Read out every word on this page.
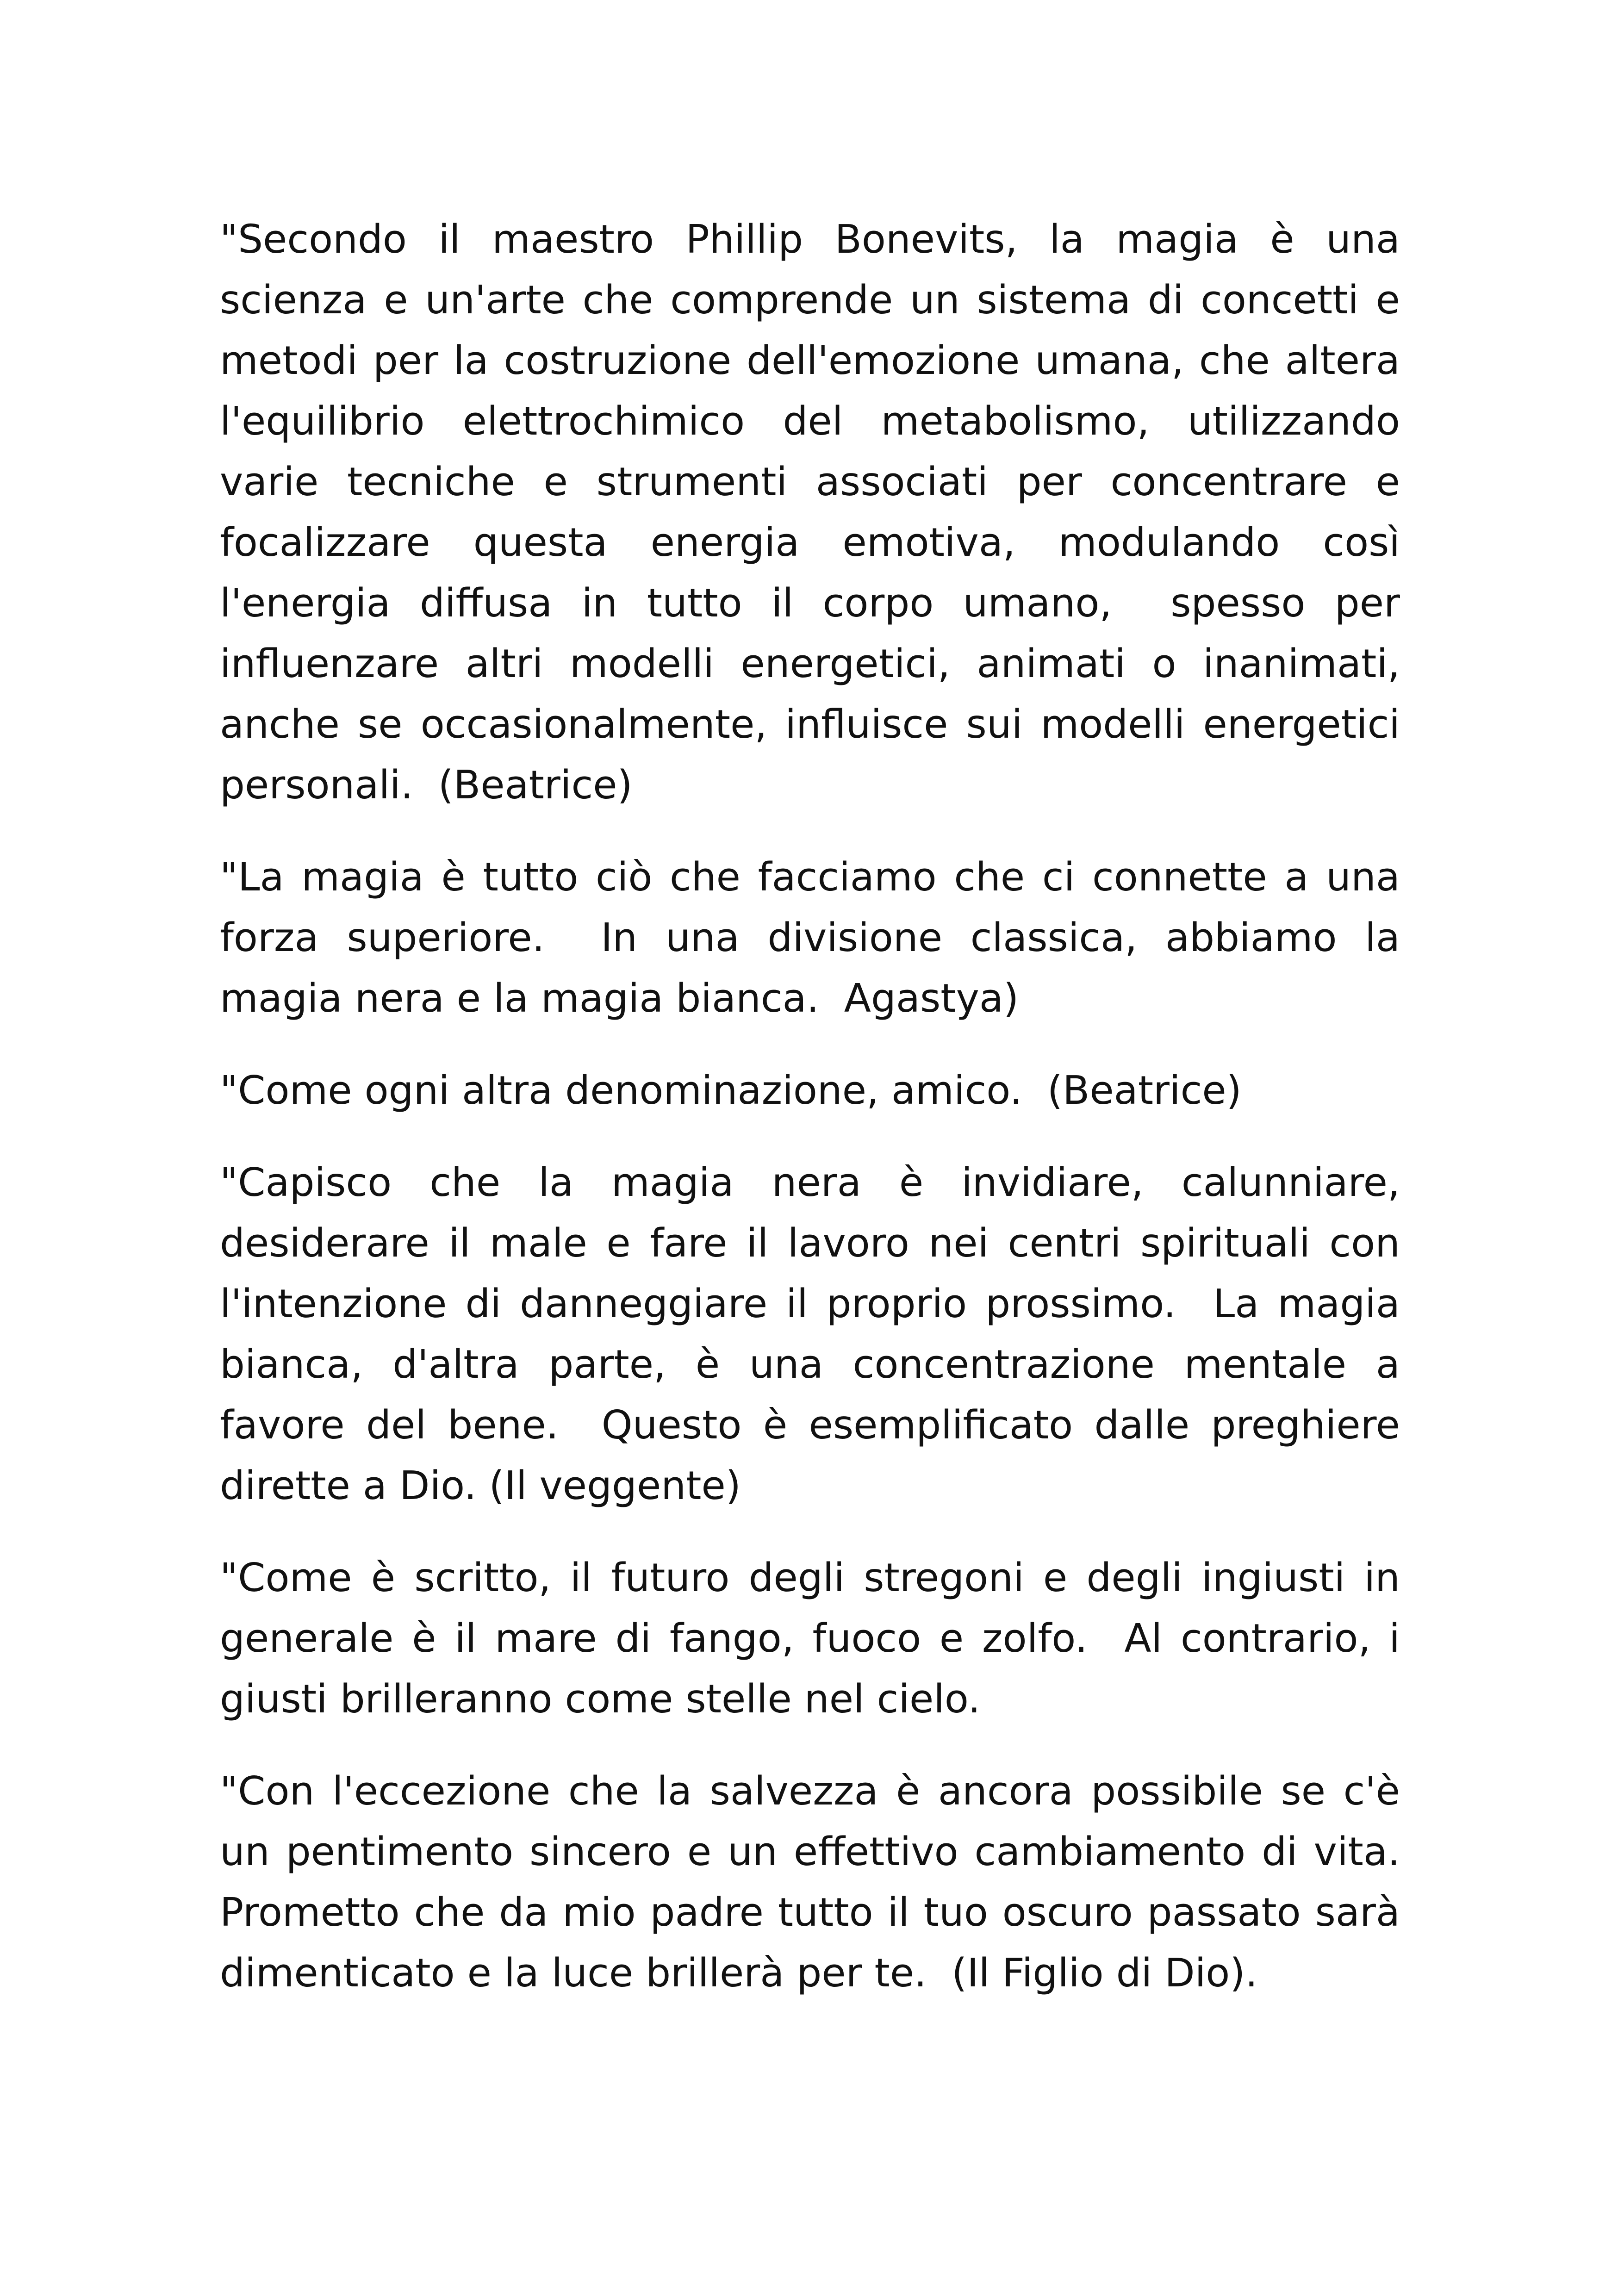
"Secondo il maestro Phillip Bonevits, la magia è una scienza e un'arte che comprende un sistema di concetti e metodi per la costruzione dell'emozione umana, che altera l'equilibrio elettrochimico del metabolismo, utilizzando varie tecniche e strumenti associati per concentrare e focalizzare questa energia emotiva, modulando così l'energia diffusa in tutto il corpo umano,  spesso per influenzare altri modelli energetici, animati o inanimati, anche se occasionalmente, influisce sui modelli energetici personali.  (Beatrice)

"La magia è tutto ciò che facciamo che ci connette a una forza superiore.  In una divisione classica, abbiamo la magia nera e la magia bianca.  Agastya)

"Come ogni altra denominazione, amico.  (Beatrice)

"Capisco che la magia nera è invidiare, calunniare, desiderare il male e fare il lavoro nei centri spirituali con l'intenzione di danneggiare il proprio prossimo.  La magia bianca, d'altra parte, è una concentrazione mentale a favore del bene.  Questo è esemplificato dalle preghiere dirette a Dio. (Il veggente)

"Come è scritto, il futuro degli stregoni e degli ingiusti in generale è il mare di fango, fuoco e zolfo.  Al contrario, i giusti brilleranno come stelle nel cielo.

"Con l'eccezione che la salvezza è ancora possibile se c'è un pentimento sincero e un effettivo cambiamento di vita.  Prometto che da mio padre tutto il tuo oscuro passato sarà dimenticato e la luce brillerà per te.  (Il Figlio di Dio).
